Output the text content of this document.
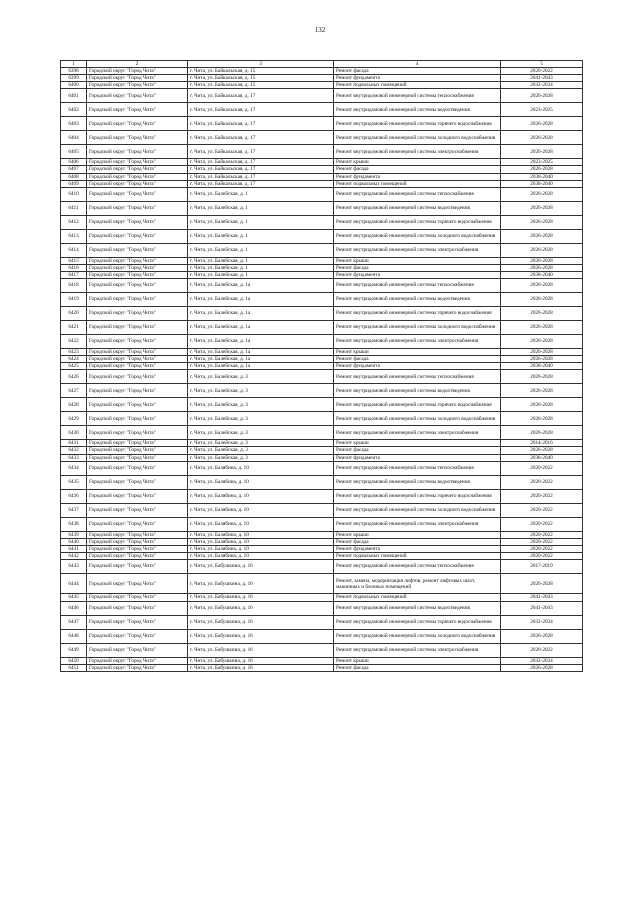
132
1	2	3	4	5
6398	Городской округ "Город Чита"	г. Чита, ул. Байкальская, д. 15	Ремонт фасада	2020-2022
6399	Городской округ "Город Чита"	г. Чита, ул. Байкальская, д. 15	Ремонт фундамента	2041-2043
6400	Городской округ "Город Чита"	г. Чита, ул. Байкальская, д. 15	Ремонт подвальных помещений	2032-2034
6401	Городской округ "Город Чита"	г. Чита, ул. Байкальская, д. 17	Ремонт внутридомовой инженерной системы теплоснабжения	2026-2028
6402	Городской округ "Город Чита"	г. Чита, ул. Байкальская, д. 17	Ремонт внутридомовой инженерной системы водоотведения	2023-2025
6403	Городской округ "Город Чита"	г. Чита, ул. Байкальская, д. 17	Ремонт внутридомовой инженерной системы горячего водоснабжения	2026-2028
6404	Городской округ "Город Чита"	г. Чита, ул. Байкальская, д. 17	Ремонт внутридомовой инженерной системы холодного водоснабжения	2026-2028
6405	Городской округ "Город Чита"	г. Чита, ул. Байкальская, д. 17	Ремонт внутридомовой инженерной системы электроснабжения	2026-2028
6406	Городской округ "Город Чита"	г. Чита, ул. Байкальская, д. 17	Ремонт крыши	2023-2025
6407	Городской округ "Город Чита"	г. Чита, ул. Байкальская, д. 17	Ремонт фасада	2026-2028
6408	Городской округ "Город Чита"	г. Чита, ул. Байкальская, д. 17	Ремонт фундамента	2038-2040
6409	Городской округ "Город Чита"	г. Чита, ул. Байкальская, д. 17	Ремонт подвальных помещений	2038-2040
6410	Городской округ "Город Чита"	г. Чита, ул. Балейская, д. 1	Ремонт внутридомовой инженерной системы теплоснабжения	2026-2028
6411	Городской округ "Город Чита"	г. Чита, ул. Балейская, д. 1	Ремонт внутридомовой инженерной системы водоотведения	2026-2028
6412	Городской округ "Город Чита"	г. Чита, ул. Балейская, д. 1	Ремонт внутридомовой инженерной системы горячего водоснабжения	2026-2028
6413	Городской округ "Город Чита"	г. Чита, ул. Балейская, д. 1	Ремонт внутридомовой инженерной системы холодного водоснабжения	2026-2028
6414	Городской округ "Город Чита"	г. Чита, ул. Балейская, д. 1	Ремонт внутридомовой инженерной системы электроснабжения	2026-2028
6415	Городской округ "Город Чита"	г. Чита, ул. Балейская, д. 1	Ремонт крыши	2026-2028
6416	Городской округ "Город Чита"	г. Чита, ул. Балейская, д. 1	Ремонт фасада	2026-2028
6417	Городской округ "Город Чита"	г. Чита, ул. Балейская, д. 1	Ремонт фундамента	2038-2040
6418	Городской округ "Город Чита"	г. Чита, ул. Балейская, д. 1а	Ремонт внутридомовой инженерной системы теплоснабжения	2026-2028
6419	Городской округ "Город Чита"	г. Чита, ул. Балейская, д. 1а	Ремонт внутридомовой инженерной системы водоотведения	2026-2028
6420	Городской округ "Город Чита"	г. Чита, ул. Балейская, д. 1а	Ремонт внутридомовой инженерной системы горячего водоснабжения	2026-2028
6421	Городской округ "Город Чита"	г. Чита, ул. Балейская, д. 1а	Ремонт внутридомовой инженерной системы холодного водоснабжения	2026-2028
6422	Городской округ "Город Чита"	г. Чита, ул. Балейская, д. 1а	Ремонт внутридомовой инженерной системы электроснабжения	2026-2028
6423	Городской округ "Город Чита"	г. Чита, ул. Балейская, д. 1а	Ремонт крыши	2026-2028
6424	Городской округ "Город Чита"	г. Чита, ул. Балейская, д. 1а	Ремонт фасада	2026-2028
6425	Городской округ "Город Чита"	г. Чита, ул. Балейская, д. 1а	Ремонт фундамента	2038-2040
6426	Городской округ "Город Чита"	г. Чита, ул. Балейская, д. 3	Ремонт внутридомовой инженерной системы теплоснабжения	2026-2028
6427	Городской округ "Город Чита"	г. Чита, ул. Балейская, д. 3	Ремонт внутридомовой инженерной системы водоотведения	2026-2028
6428	Городской округ "Город Чита"	г. Чита, ул. Балейская, д. 3	Ремонт внутридомовой инженерной системы горячего водоснабжения	2026-2028
6429	Городской округ "Город Чита"	г. Чита, ул. Балейская, д. 3	Ремонт внутридомовой инженерной системы холодного водоснабжения	2026-2028
6430	Городской округ "Город Чита"	г. Чита, ул. Балейская, д. 3	Ремонт внутридомовой инженерной системы электроснабжения	2026-2028
6431	Городской округ "Город Чита"	г. Чита, ул. Балейская, д. 3	Ремонт крыши	2014-2016
6432	Городской округ "Город Чита"	г. Чита, ул. Балейская, д. 3	Ремонт фасада	2026-2028
6433	Городской округ "Город Чита"	г. Чита, ул. Балейская, д. 3	Ремонт фундамента	2038-2040
6434	Городской округ "Город Чита"	г. Чита, ул. Балябина, д. 10	Ремонт внутридомовой инженерной системы теплоснабжения	2020-2022
6435	Городской округ "Город Чита"	г. Чита, ул. Балябина, д. 10	Ремонт внутридомовой инженерной системы водоотведения	2020-2022
6436	Городской округ "Город Чита"	г. Чита, ул. Балябина, д. 10	Ремонт внутридомовой инженерной системы горячего водоснабжения	2020-2022
6437	Городской округ "Город Чита"	г. Чита, ул. Балябина, д. 10	Ремонт внутридомовой инженерной системы холодного водоснабжения	2020-2022
6438	Городской округ "Город Чита"	г. Чита, ул. Балябина, д. 10	Ремонт внутридомовой инженерной системы электроснабжения	2020-2022
6439	Городской округ "Город Чита"	г. Чита, ул. Балябина, д. 10	Ремонт крыши	2020-2022
6440	Городской округ "Город Чита"	г. Чита, ул. Балябина, д. 10	Ремонт фасада	2020-2022
6441	Городской округ "Город Чита"	г. Чита, ул. Балябина, д. 10	Ремонт фундамента	2020-2022
6442	Городской округ "Город Чита"	г. Чита, ул. Балябина, д. 10	Ремонт подвальных помещений	2020-2022
6443	Городской округ "Город Чита"	г. Чита, ул. Бабушкина, д. 16	Ремонт внутридомовой инженерной системы теплоснабжения	2017-2019
6444	Городской округ "Город Чита"	г. Чита, ул. Бабушкина, д. 16	Ремонт, замена, модернизация лифтов, ремонт лифтовых шахт, машинных и блочных помещений	2026-2028
6445	Городской округ "Город Чита"	г. Чита, ул. Бабушкина, д. 16	Ремонт подвальных помещений	2041-2043
6446	Городской округ "Город Чита"	г. Чита, ул. Бабушкина, д. 16	Ремонт внутридомовой инженерной системы водоотведения	2041-2043
6447	Городской округ "Город Чита"	г. Чита, ул. Бабушкина, д. 16	Ремонт внутридомовой инженерной системы горячего водоснабжения	2032-2034
6448	Городской округ "Город Чита"	г. Чита, ул. Бабушкина, д. 16	Ремонт внутридомовой инженерной системы холодного водоснабжения	2026-2028
6449	Городской округ "Город Чита"	г. Чита, ул. Бабушкина, д. 16	Ремонт внутридомовой инженерной системы электроснабжения	2020-2022
6450	Городской округ "Город Чита"	г. Чита, ул. Бабушкина, д. 16	Ремонт крыши	2032-2034
6451	Городской округ "Город Чита"	г. Чита, ул. Бабушкина, д. 16	Ремонт фасада	2026-2028
